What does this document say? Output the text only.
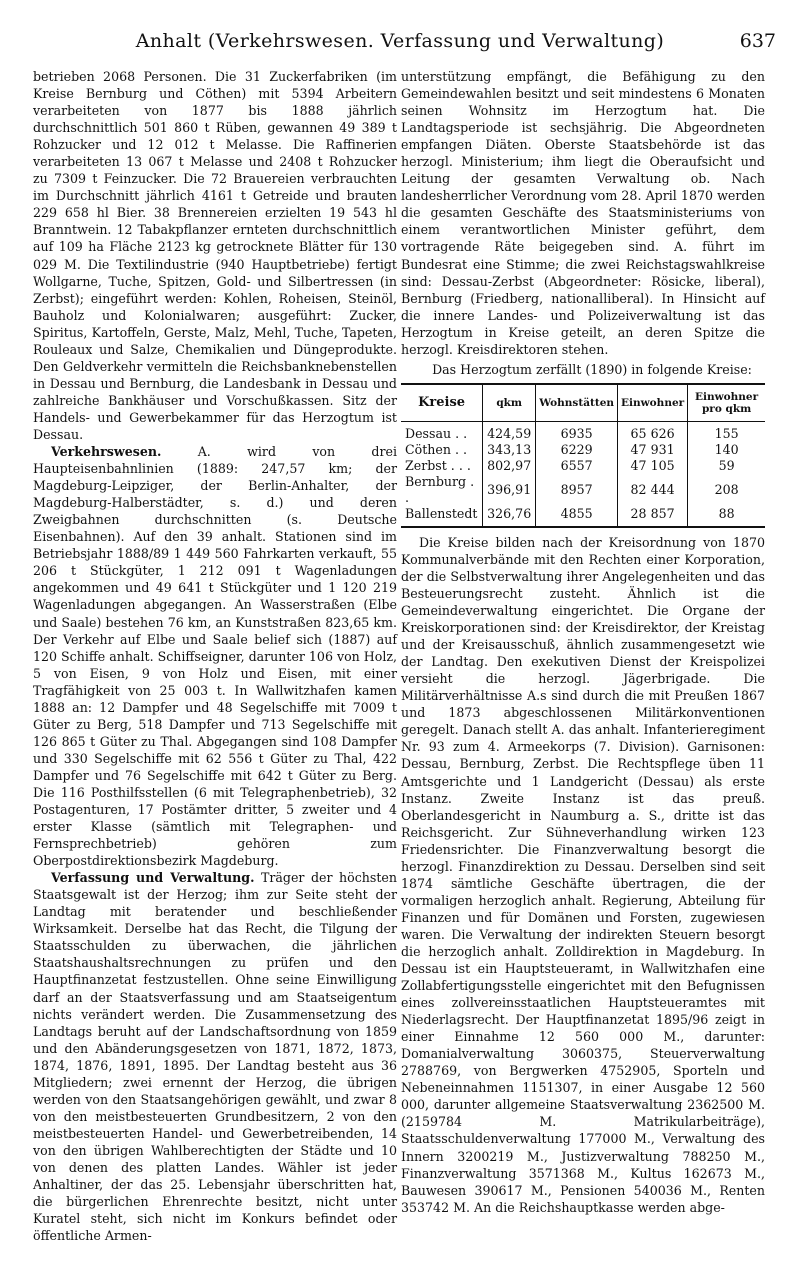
Anhalt (Verkehrswesen. Verfassung und Verwaltung)	637

betrieben 2068 Personen. Die 31 Zuckerfabriken (im Kreise Bernburg und Cöthen) mit 5394 Arbeitern verarbeiteten von 1877 bis 1888 jährlich durchschnittlich 501 860 t Rüben, gewannen 49 389 t Rohzucker und 12 012 t Melasse. Die Raffinerien verarbeiteten 13 067 t Melasse und 2408 t Rohzucker zu 7309 t Feinzucker. Die 72 Brauereien verbrauchten im Durchschnitt jährlich 4161 t Getreide und brauten 229 658 hl Bier. 38 Brennereien erzielten 19 543 hl Branntwein. 12 Tabakpflanzer ernteten durchschnittlich auf 109 ha Fläche 2123 kg getrocknete Blätter für 130 029 M. Die Textilindustrie (940 Hauptbetriebe) fertigt Wollgarne, Tuche, Spitzen, Gold- und Silbertressen (in Zerbst); eingeführt werden: Kohlen, Roheisen, Steinöl, Bauholz und Kolonialwaren; ausgeführt: Zucker, Spiritus, Kartoffeln, Gerste, Malz, Mehl, Tuche, Tapeten, Rouleaux und Salze, Chemikalien und Düngeprodukte. Den Geldverkehr vermitteln die Reichsbanknebenstellen in Dessau und Bernburg, die Landesbank in Dessau und zahlreiche Bankhäuser und Vorschußkassen. Sitz der Handels- und Gewerbekammer für das Herzogtum ist Dessau.

Verkehrswesen. A. wird von drei Haupteisenbahnlinien (1889: 247,57 km; der Magdeburg-Leipziger, der Berlin-Anhalter, der Magdeburg-Halberstädter, s. d.) und deren Zweigbahnen durchschnitten (s. Deutsche Eisenbahnen). Auf den 39 anhalt. Stationen sind im Betriebsjahr 1888/89 1 449 560 Fahrkarten verkauft, 55 206 t Stückgüter, 1 212 091 t Wagenladungen angekommen und 49 641 t Stückgüter und 1 120 219 Wagenladungen abgegangen. An Wasserstraßen (Elbe und Saale) bestehen 76 km, an Kunststraßen 823,65 km. Der Verkehr auf Elbe und Saale belief sich (1887) auf 120 Schiffe anhalt. Schiffseigner, darunter 106 von Holz, 5 von Eisen, 9 von Holz und Eisen, mit einer Tragfähigkeit von 25 003 t. In Wallwitzhafen kamen 1888 an: 12 Dampfer und 48 Segelschiffe mit 7009 t Güter zu Berg, 518 Dampfer und 713 Segelschiffe mit 126 865 t Güter zu Thal. Abgegangen sind 108 Dampfer und 330 Segelschiffe mit 62 556 t Güter zu Thal, 422 Dampfer und 76 Segelschiffe mit 642 t Güter zu Berg. Die 116 Posthilfsstellen (6 mit Telegraphenbetrieb), 32 Postagenturen, 17 Postämter dritter, 5 zweiter und 4 erster Klasse (sämtlich mit Telegraphen- und Fernsprechbetrieb) gehören zum Oberpostdirektionsbezirk Magdeburg.

Verfassung und Verwaltung. Träger der höchsten Staatsgewalt ist der Herzog; ihm zur Seite steht der Landtag mit beratender und beschließender Wirksamkeit. Derselbe hat das Recht, die Tilgung der Staatsschulden zu überwachen, die jährlichen Staatshaushaltsrechnungen zu prüfen und den Hauptfinanzetat festzustellen. Ohne seine Einwilligung darf an der Staatsverfassung und am Staatseigentum nichts verändert werden. Die Zusammensetzung des Landtags beruht auf der Landschaftsordnung von 1859 und den Abänderungsgesetzen von 1871, 1872, 1873, 1874, 1876, 1891, 1895. Der Landtag besteht aus 36 Mitgliedern; zwei ernennt der Herzog, die übrigen werden von den Staatsangehörigen gewählt, und zwar 8 von den meistbesteuerten Grundbesitzern, 2 von den meistbesteuerten Handel- und Gewerbetreibenden, 14 von den übrigen Wahlberechtigten der Städte und 10 von denen des platten Landes. Wähler ist jeder Anhaltiner, der das 25. Lebensjahr überschritten hat, die bürgerlichen Ehrenrechte besitzt, nicht unter Kuratel steht, sich nicht im Konkurs befindet oder öffentliche Armen-

unterstützung empfängt, die Befähigung zu den Gemeindewahlen besitzt und seit mindestens 6 Monaten seinen Wohnsitz im Herzogtum hat. Die Landtagsperiode ist sechsjährig. Die Abgeordneten empfangen Diäten. Oberste Staatsbehörde ist das herzogl. Ministerium; ihm liegt die Oberaufsicht und Leitung der gesamten Verwaltung ob. Nach landesherrlicher Verordnung vom 28. April 1870 werden die gesamten Geschäfte des Staatsministeriums von einem verantwortlichen Minister geführt, dem vortragende Räte beigegeben sind. A. führt im Bundesrat eine Stimme; die zwei Reichstagswahlkreise sind: Dessau-Zerbst (Abgeordneter: Rösicke, liberal), Bernburg (Friedberg, nationalliberal). In Hinsicht auf die innere Landes- und Polizeiverwaltung ist das Herzogtum in Kreise geteilt, an deren Spitze die herzogl. Kreisdirektoren stehen.

Das Herzogtum zerfällt (1890) in folgende Kreise:

Kreise	qkm	Wohnstätten	Einwohner	Einwohner pro qkm
Dessau . .	424,59	6935	65 626	155
Cöthen . .	343,13	6229	47 931	140
Zerbst . . .	802,97	6557	47 105	59
Bernburg . .	396,91	8957	82 444	208
Ballenstedt	326,76	4855	28 857	88

Die Kreise bilden nach der Kreisordnung von 1870 Kommunalverbände mit den Rechten einer Korporation, der die Selbstverwaltung ihrer Angelegenheiten und das Besteuerungsrecht zusteht. Ähnlich ist die Gemeindeverwaltung eingerichtet. Die Organe der Kreiskorporationen sind: der Kreisdirektor, der Kreistag und der Kreisausschuß, ähnlich zusammengesetzt wie der Landtag. Den exekutiven Dienst der Kreispolizei versieht die herzogl. Jägerbrigade. Die Militärverhältnisse A.s sind durch die mit Preußen 1867 und 1873 abgeschlossenen Militärkonventionen geregelt. Danach stellt A. das anhalt. Infanterieregiment Nr. 93 zum 4. Armeekorps (7. Division). Garnisonen: Dessau, Bernburg, Zerbst. Die Rechtspflege üben 11 Amtsgerichte und 1 Landgericht (Dessau) als erste Instanz. Zweite Instanz ist das preuß. Oberlandesgericht in Naumburg a. S., dritte ist das Reichsgericht. Zur Sühneverhandlung wirken 123 Friedensrichter. Die Finanzverwaltung besorgt die herzogl. Finanzdirektion zu Dessau. Derselben sind seit 1874 sämtliche Geschäfte übertragen, die der vormaligen herzoglich anhalt. Regierung, Abteilung für Finanzen und für Domänen und Forsten, zugewiesen waren. Die Verwaltung der indirekten Steuern besorgt die herzoglich anhalt. Zolldirektion in Magdeburg. In Dessau ist ein Hauptsteueramt, in Wallwitzhafen eine Zollabfertigungsstelle eingerichtet mit den Befugnissen eines zollvereinsstaatlichen Hauptsteueramtes mit Niederlagsrecht. Der Hauptfinanzetat 1895/96 zeigt in einer Einnahme 12 560 000 M., darunter: Domanialverwaltung 3060375, Steuerverwaltung 2788769, von Bergwerken 4752905, Sporteln und Nebeneinnahmen 1151307, in einer Ausgabe 12 560 000, darunter allgemeine Staatsverwaltung 2362500 M. (2159784 M. Matrikularbeiträge), Staatsschuldenverwaltung 177000 M., Verwaltung des Innern 3200219 M., Justizverwaltung 788250 M., Finanzverwaltung 3571368 M., Kultus 162673 M., Bauwesen 390617 M., Pensionen 540036 M., Renten 353742 M. An die Reichshauptkasse werden abge-
